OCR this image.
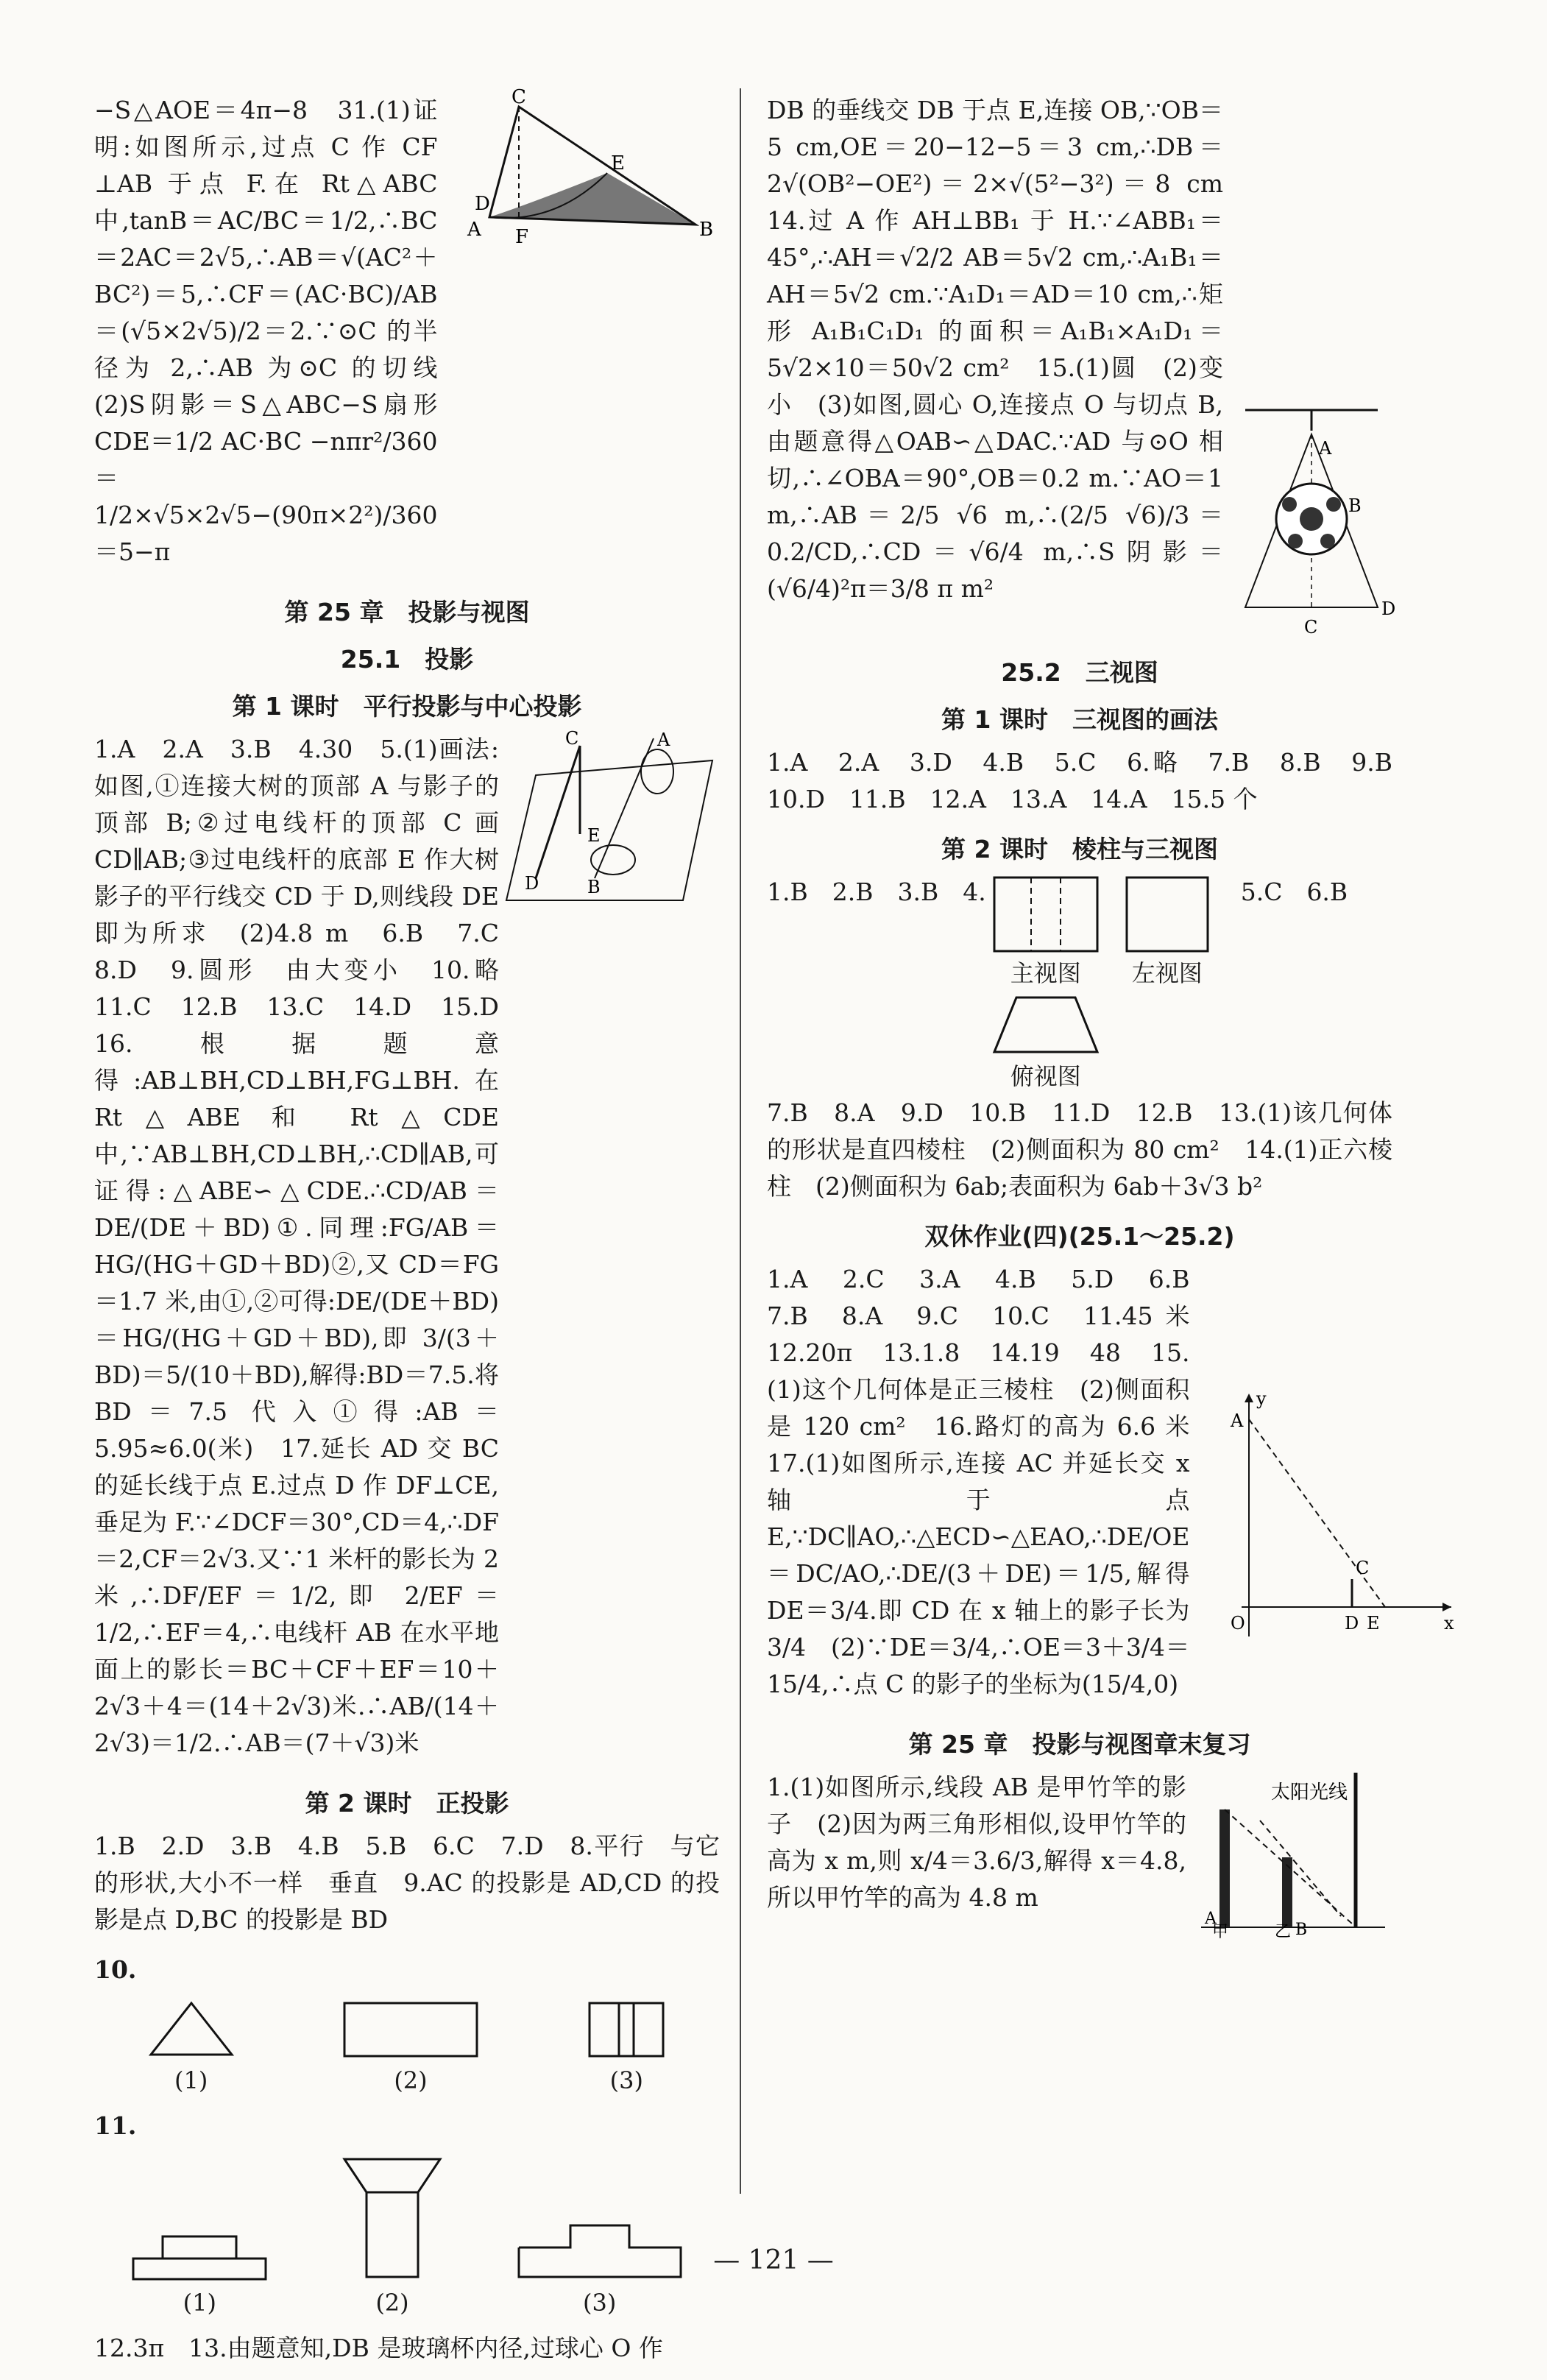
−S△AOE＝4π−8　31.(1)证明:如图所示,过点 C 作 CF ⊥AB 于点 F.在 Rt△ABC 中,tanB＝AC/BC＝1/2,∴BC＝2AC＝2√5,∴AB＝√(AC²＋BC²)＝5,∴CF＝(AC·BC)/AB＝(√5×2√5)/2＝2.∵⊙C 的半径为 2,∴AB 为⊙C 的切线　(2)S阴影＝S△ABC−S扇形CDE＝1/2 AC·BC −nπr²/360＝1/2×√5×2√5−(90π×2²)/360＝5−π
C
E
D
A F	B
第 25 章　投影与视图
25.1　投影
第 1 课时　平行投影与中心投影
1.A　2.A　3.B　4.30　5.(1)画法:如图,①连接大树的顶部 A 与影子的顶部 B;②过电线杆的顶部 C 画 CD∥AB;③过电线杆的底部 E 作大树影子的平行线交 CD 于 D,则线段 DE 即为所求　(2)4.8 m　6.B　7.C　8.D　9.圆形　由大变小　10.略　11.C　12.B　13.C　14.D　15.D　16.根据题意得:AB⊥BH,CD⊥BH,FG⊥BH.在 Rt△ABE 和 Rt△CDE 中,∵AB⊥BH,CD⊥BH,∴CD∥AB,可证得:△ABE∽△CDE.∴CD/AB＝DE/(DE＋BD)①.同理:FG/AB＝HG/(HG＋GD＋BD)②,又 CD＝FG＝1.7 米,由①,②可得:DE/(DE＋BD)＝HG/(HG＋GD＋BD),即 3/(3＋BD)＝5/(10＋BD),解得:BD＝7.5.将 BD＝7.5 代入①得:AB＝5.95≈6.0(米)　17.延长 AD 交 BC 的延长线于点 E.过点 D 作 DF⊥CE,垂足为 F.∵∠DCF＝30°,CD＝4,∴DF＝2,CF＝2√3.又∵1 米杆的影长为 2 米,∴DF/EF＝1/2,即 2/EF＝1/2,∴EF＝4,∴电线杆 AB 在水平地面上的影长＝BC＋CF＋EF＝10＋2√3＋4＝(14＋2√3)米.∴AB/(14＋2√3)＝1/2.∴AB＝(7＋√3)米
C	A
E
D	B
第 2 课时　正投影
1.B　2.D　3.B　4.B　5.B　6.C　7.D　8.平行　与它的形状,大小不一样　垂直　9.AC 的投影是 AD,CD 的投影是点 D,BC 的投影是 BD
10.
(1)	(2)	(3)
11.
(1)	(2)	(3)
12.3π　13.由题意知,DB 是玻璃杯内径,过球心 O 作
DB 的垂线交 DB 于点 E,连接 OB,∵OB＝5 cm,OE＝20−12−5＝3 cm,∴DB＝2√(OB²−OE²)＝2×√(5²−3²)＝8 cm　14.过 A 作 AH⊥BB₁ 于 H.∵∠ABB₁＝45°,∴AH＝√2/2 AB＝5√2 cm,∴A₁B₁＝AH＝5√2 cm.∵A₁D₁＝AD＝10 cm,∴矩形 A₁B₁C₁D₁ 的面积＝A₁B₁×A₁D₁＝5√2×10＝50√2 cm²　15.(1)圆　(2)变小　(3)如图,圆心 O,连接点 O 与切点 B,由题意得△OAB∽△DAC.∵AD 与⊙O 相切,∴∠OBA＝90°,OB＝0.2 m.∵AO＝1 m,∴AB＝2/5 √6 m,∴(2/5 √6)/3＝0.2/CD,∴CD＝√6/4 m,∴S阴影＝(√6/4)²π＝3/8 π m²
A
B
C
D
25.2　三视图
第 1 课时　三视图的画法
1.A　2.A　3.D　4.B　5.C　6.略　7.B　8.B　9.B　10.D　11.B　12.A　13.A　14.A　15.5 个
第 2 课时　棱柱与三视图
1.B　2.B　3.B　4.
主视图	左视图
俯视图
5.C　6.B
7.B　8.A　9.D　10.B　11.D　12.B　13.(1)该几何体的形状是直四棱柱　(2)侧面积为 80 cm²　14.(1)正六棱柱　(2)侧面积为 6ab;表面积为 6ab＋3√3 b²
双休作业(四)(25.1～25.2)
1.A　2.C　3.A　4.B　5.D　6.B　7.B　8.A　9.C　10.C　11.45 米　12.20π　13.1.8　14.19　48　15.(1)这个几何体是正三棱柱　(2)侧面积是 120 cm²　16.路灯的高为 6.6 米　17.(1)如图所示,连接 AC 并延长交 x 轴于点 E,∵DC∥AO,∴△ECD∽△EAO,∴DE/OE＝DC/AO,∴DE/(3＋DE)＝1/5,解得 DE＝3/4.即 CD 在 x 轴上的影子长为 3/4　(2)∵DE＝3/4,∴OE＝3＋3/4＝15/4,∴点 C 的影子的坐标为(15/4,0)
y
A
C
O	D E	x
第 25 章　投影与视图章末复习
1.(1)如图所示,线段 AB 是甲竹竿的影子　(2)因为两三角形相似,设甲竹竿的高为 x m,则 x/4＝3.6/3,解得 x＝4.8,所以甲竹竿的高为 4.8 m
太阳光线
A
B
甲	乙
— 121 —
